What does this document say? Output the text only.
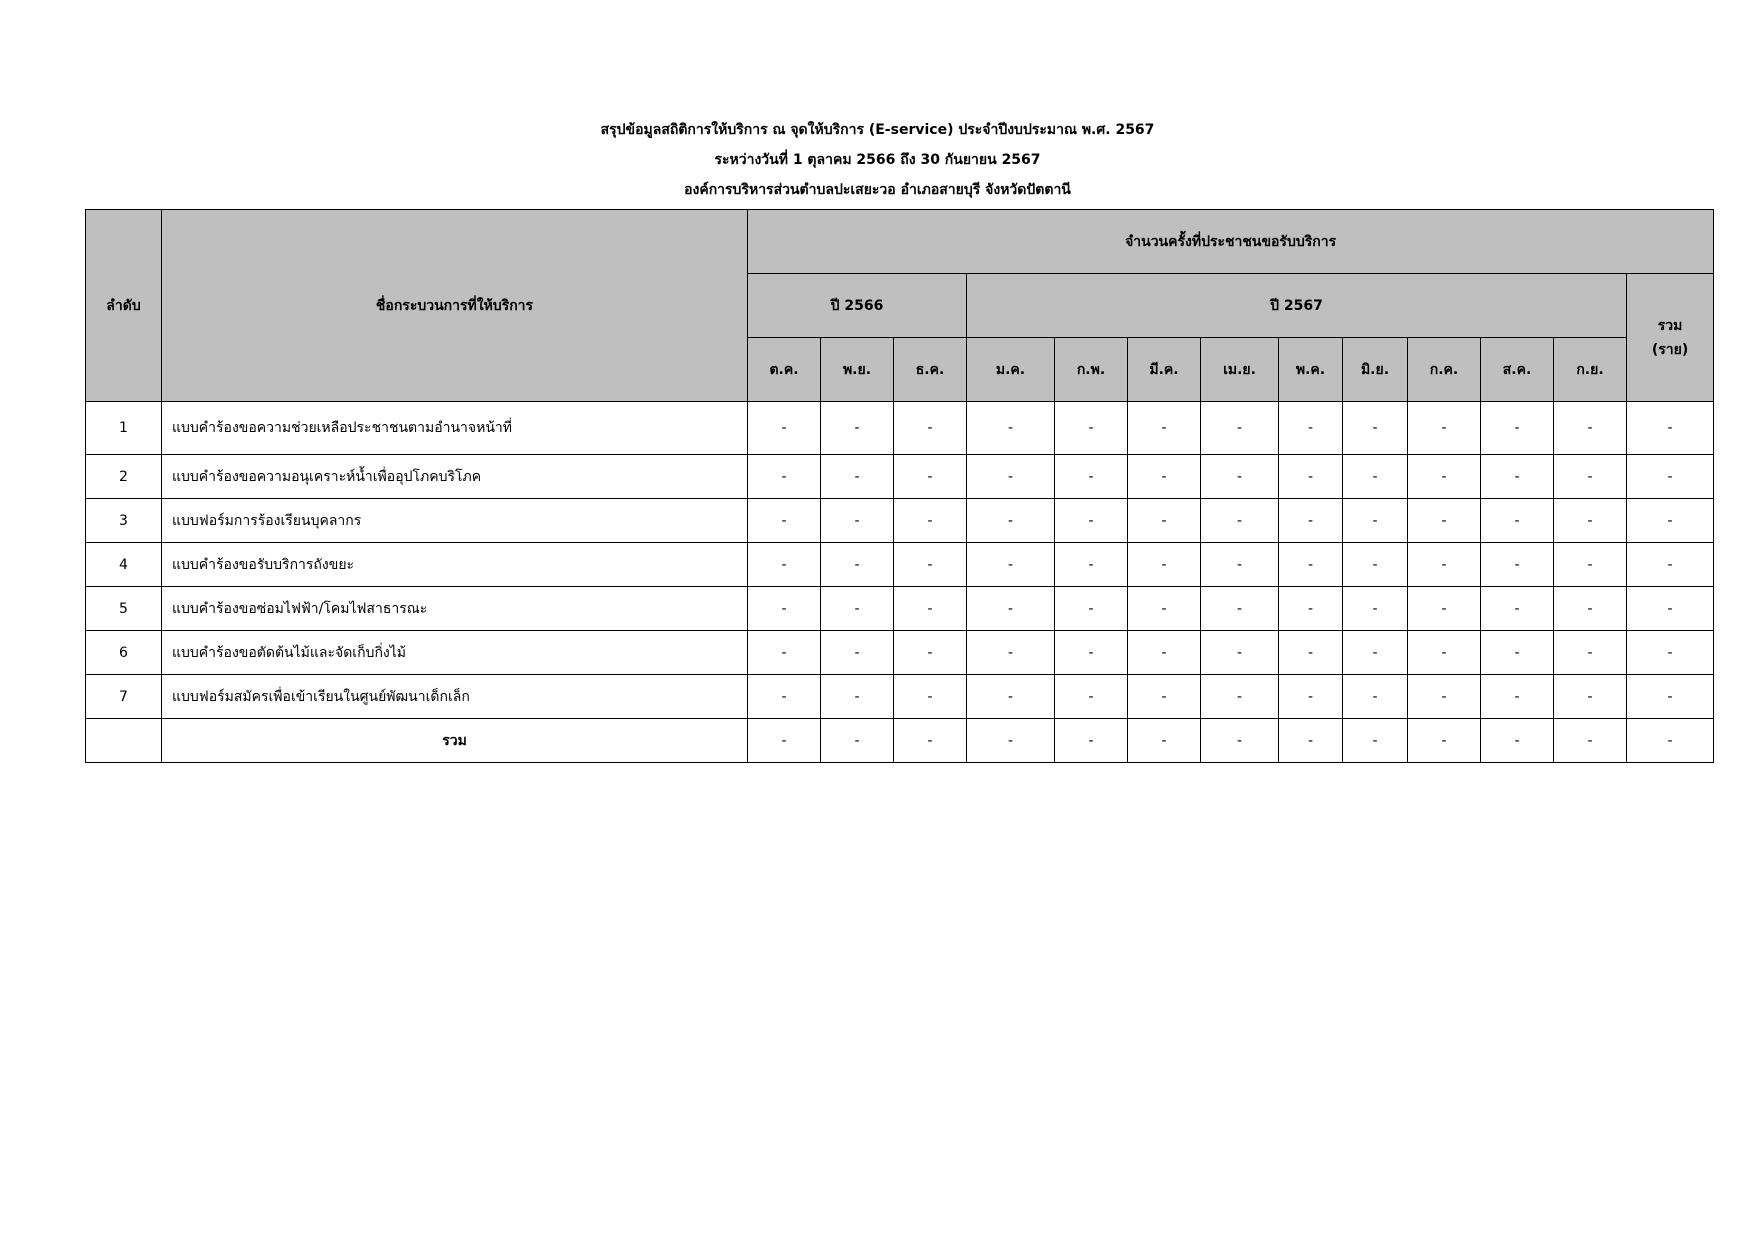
สรุปข้อมูลสถิติการให้บริการ ณ จุดให้บริการ (E-service) ประจำปีงบประมาณ พ.ศ. 2567
ระหว่างวันที่ 1 ตุลาคม 2566 ถึง 30 กันยายน 2567
องค์การบริหารส่วนตำบลปะเสยะวอ อำเภอสายบุรี จังหวัดปัตตานี
ลำดับ	ชื่อกระบวนการที่ให้บริการ	จำนวนครั้งที่ประชาชนขอรับบริการ												
		ปี 2566			ปี 2567									รวม
(ราย)

		ต.ค.	พ.ย.	ธ.ค.	ม.ค.	ก.พ.	มี.ค.	เม.ย.	พ.ค.	มิ.ย.	ก.ค.	ส.ค.	ก.ย.	
1	แบบคำร้องขอความช่วยเหลือประชาชนตามอำนาจหน้าที่	-	-	-	-	-	-	-	-	-	-	-	-	-
2	แบบคำร้องขอความอนุเคราะห์น้ำเพื่ออุปโภคบริโภค	-	-	-	-	-	-	-	-	-	-	-	-	-
3	แบบฟอร์มการร้องเรียนบุคลากร	-	-	-	-	-	-	-	-	-	-	-	-	-
4	แบบคำร้องขอรับบริการถังขยะ	-	-	-	-	-	-	-	-	-	-	-	-	-
5	แบบคำร้องขอซ่อมไฟฟ้า/โคมไฟสาธารณะ	-	-	-	-	-	-	-	-	-	-	-	-	-
6	แบบคำร้องขอตัดต้นไม้และจัดเก็บกิ่งไม้	-	-	-	-	-	-	-	-	-	-	-	-	-
7	แบบฟอร์มสมัครเพื่อเข้าเรียนในศูนย์พัฒนาเด็กเล็ก	-	-	-	-	-	-	-	-	-	-	-	-	-
	รวม	-	-	-	-	-	-	-	-	-	-	-	-	-
